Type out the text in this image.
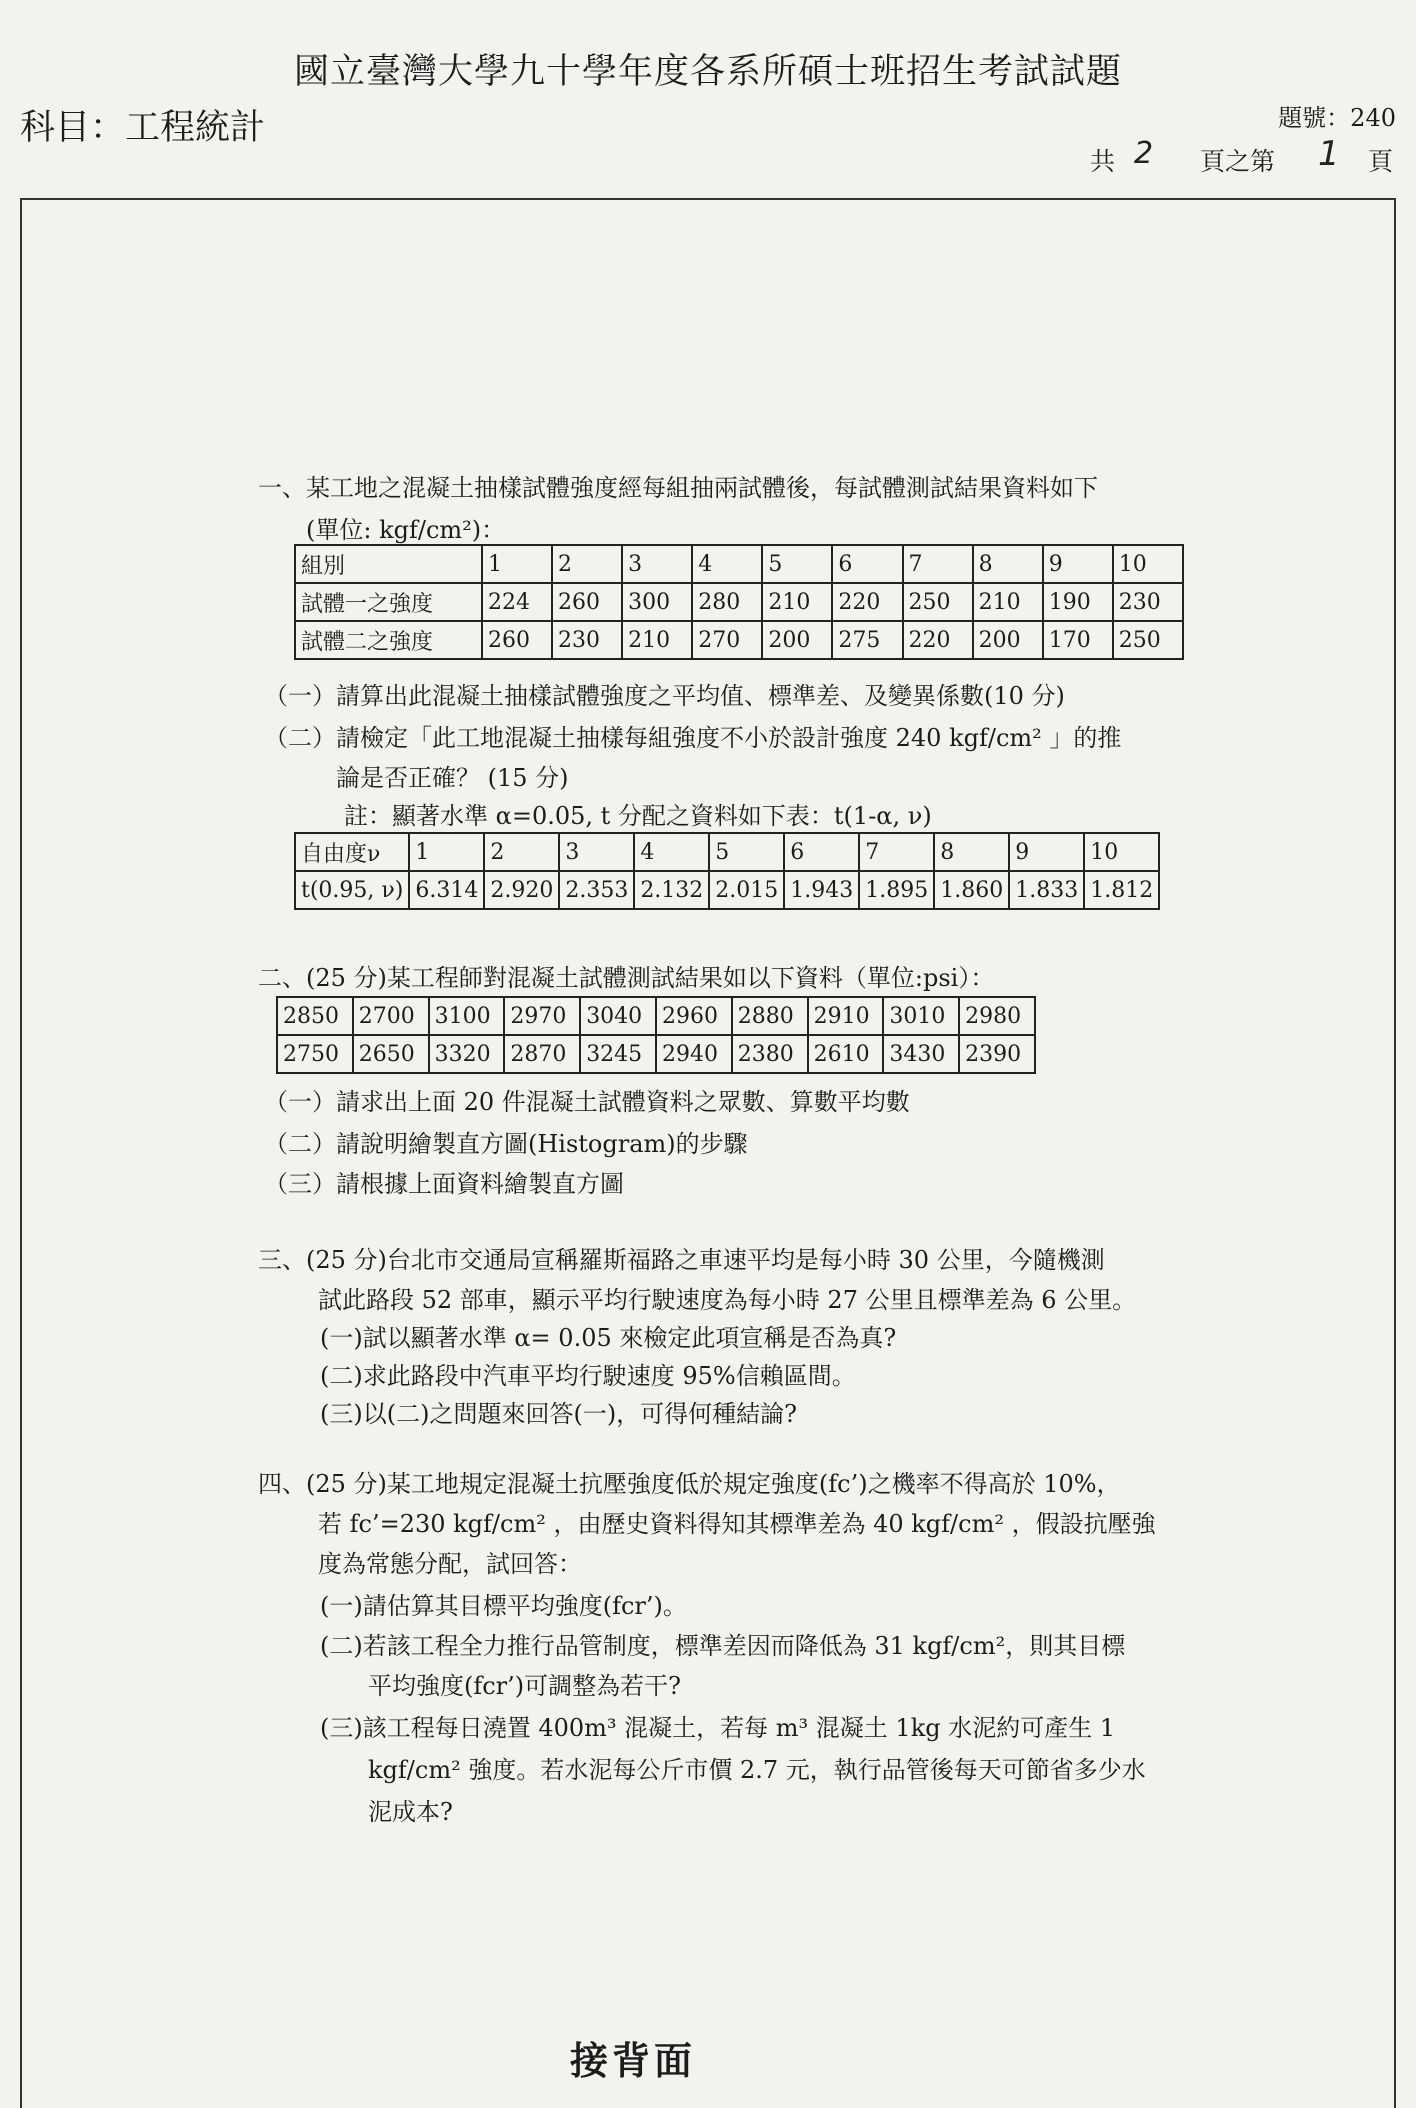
國立臺灣大學九十學年度各系所碩士班招生考試試題
科目：工程統計	題號：240
共 2 頁之第 1 頁
一、某工地之混凝土抽樣試體強度經每組抽兩試體後，每試體測試結果資料如下
(單位: kgf/cm²)：
組別	1	2	3	4	5	6	7	8	9	10
試體一之強度	224	260	300	280	210	220	250	210	190	230
試體二之強度	260	230	210	270	200	275	220	200	170	250
（一）請算出此混凝土抽樣試體強度之平均值、標準差、及變異係數(10 分)
（二）請檢定「此工地混凝土抽樣每組強度不小於設計強度 240 kgf/cm² 」的推
論是否正確？ (15 分)
註：顯著水準 α=0.05, t 分配之資料如下表：t(1-α, ν)
自由度ν	1	2	3	4	5	6	7	8	9	10
t(0.95, ν)	6.314	2.920	2.353	2.132	2.015	1.943	1.895	1.860	1.833	1.812
二、(25 分)某工程師對混凝土試體測試結果如以下資料（單位:psi）：
2850	2700	3100	2970	3040	2960	2880	2910	3010	2980
2750	2650	3320	2870	3245	2940	2380	2610	3430	2390
（一）請求出上面 20 件混凝土試體資料之眾數、算數平均數
（二）請說明繪製直方圖(Histogram)的步驟
（三）請根據上面資料繪製直方圖
三、(25 分)台北市交通局宣稱羅斯福路之車速平均是每小時 30 公里，今隨機測
試此路段 52 部車，顯示平均行駛速度為每小時 27 公里且標準差為 6 公里。
(一)試以顯著水準 α= 0.05 來檢定此項宣稱是否為真?
(二)求此路段中汽車平均行駛速度 95%信賴區間。
(三)以(二)之問題來回答(一)，可得何種結論?
四、(25 分)某工地規定混凝土抗壓強度低於規定強度(fc’)之機率不得高於 10%，
若 fc’=230 kgf/cm² ，由歷史資料得知其標準差為 40 kgf/cm² ，假設抗壓強
度為常態分配，試回答：
(一)請估算其目標平均強度(fcr’)。
(二)若該工程全力推行品管制度，標準差因而降低為 31 kgf/cm²，則其目標
平均強度(fcr’)可調整為若干?
(三)該工程每日澆置 400m³ 混凝土，若每 m³ 混凝土 1kg 水泥約可產生 1
kgf/cm² 強度。若水泥每公斤市價 2.7 元，執行品管後每天可節省多少水
泥成本?
接背面
